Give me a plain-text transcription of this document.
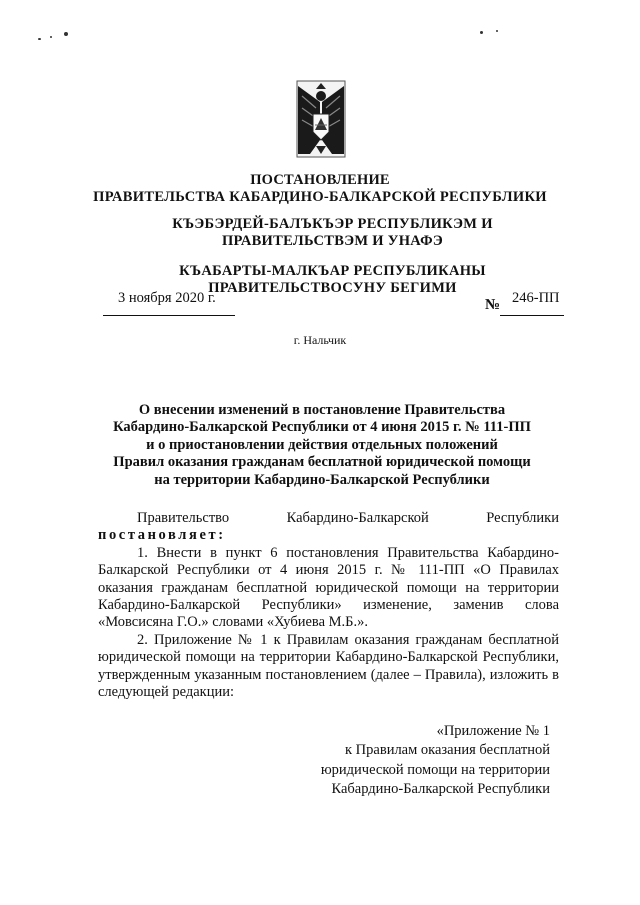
ПОСТАНОВЛЕНИЕ
ПРАВИТЕЛЬСТВА КАБАРДИНО-БАЛКАРСКОЙ РЕСПУБЛИКИ
КЪЭБЭРДЕЙ-БАЛЪКЪЭР РЕСПУБЛИКЭМ И ПРАВИТЕЛЬСТВЭМ И УНАФЭ
КЪАБАРТЫ-МАЛКЪАР РЕСПУБЛИКАНЫ ПРАВИТЕЛЬСТВОСУНУ БЕГИМИ
3 ноября 2020 г.	№ 246-ПП
г. Нальчик
О внесении изменений в постановление Правительства
Кабардино-Балкарской Республики от 4 июня 2015 г. № 111-ПП
и о приостановлении действия отдельных положений
Правил оказания гражданам бесплатной юридической помощи
на территории Кабардино-Балкарской Республики

Правительство Кабардино-Балкарской Республики

постановляет:

1. Внести в пункт 6 постановления Правительства Кабардино-Балкарской Республики от 4 июня 2015 г. № 111-ПП «О Правилах оказания гражданам бесплатной юридической помощи на территории Кабардино-Балкарской Республики» изменение, заменив слова «Мовсисяна Г.О.» словами «Хубиева М.Б.».

2. Приложение № 1 к Правилам оказания гражданам бесплатной юридической помощи на территории Кабардино-Балкарской Республики, утвержденным указанным постановлением (далее – Правила), изложить в следующей редакции:

«Приложение № 1
к Правилам оказания бесплатной
юридической помощи на территории
Кабардино-Балкарской Республики
